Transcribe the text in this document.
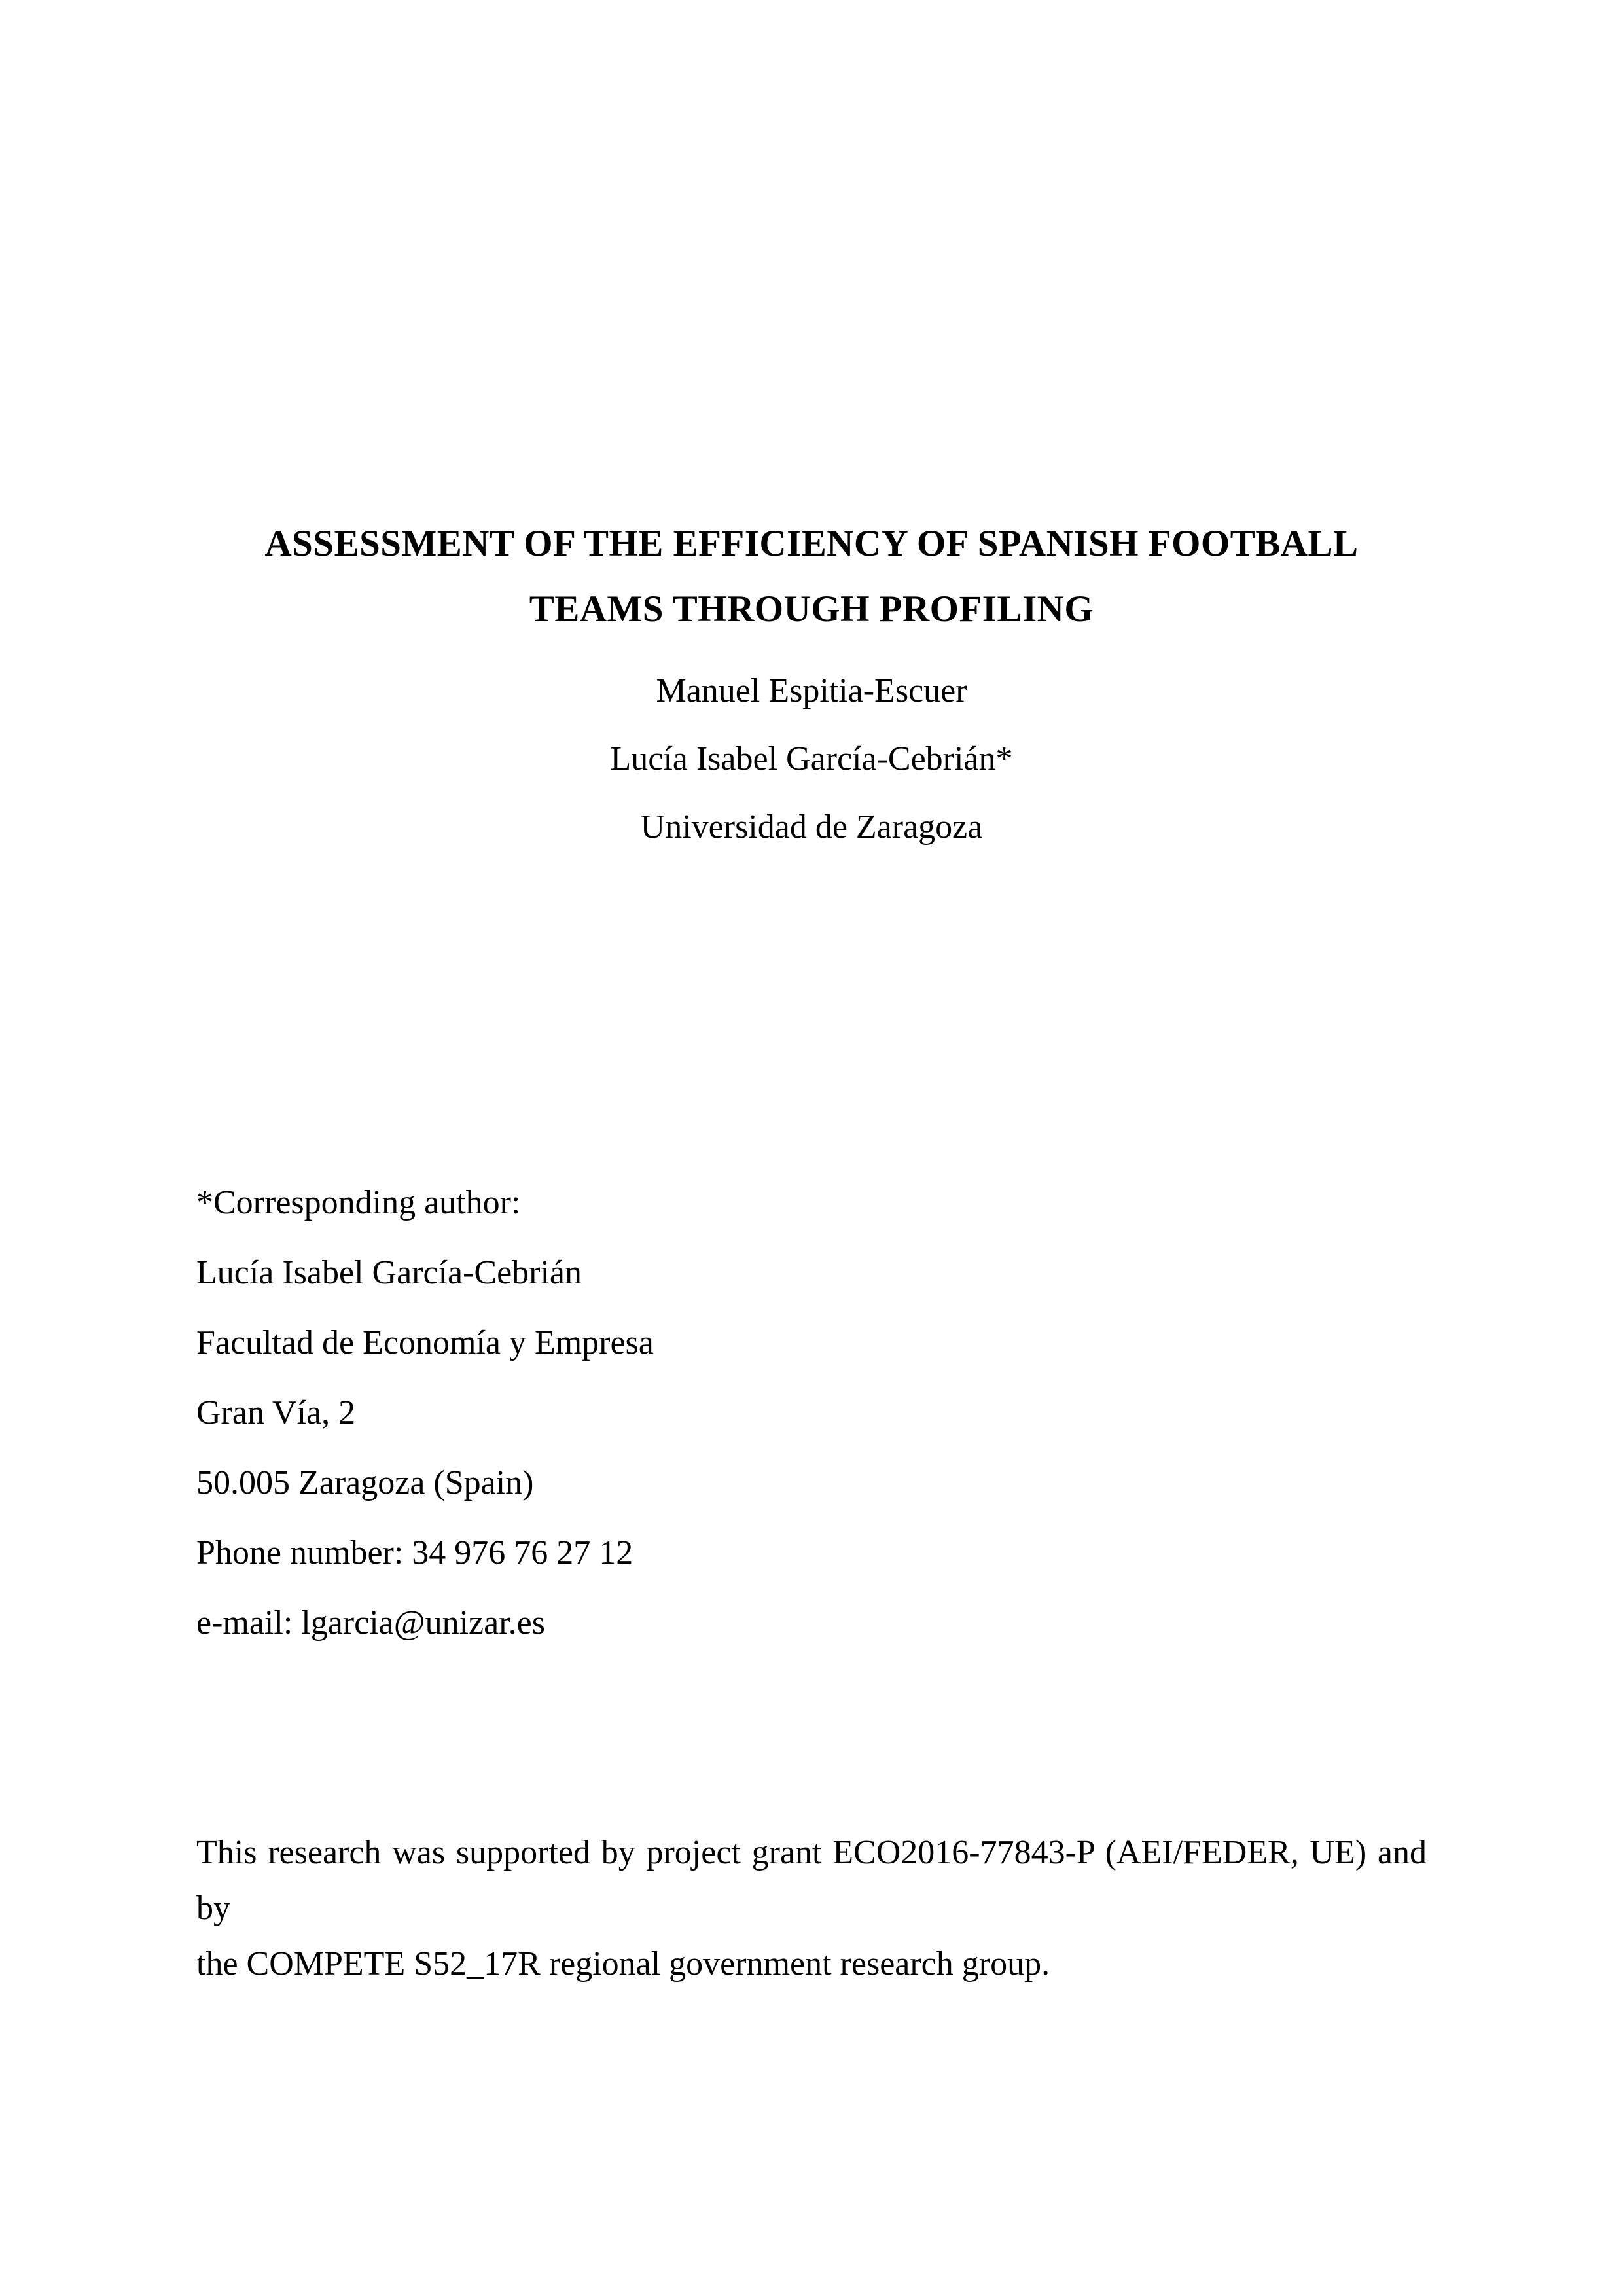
ASSESSMENT OF THE EFFICIENCY OF SPANISH FOOTBALL
TEAMS THROUGH PROFILING
Manuel Espitia-Escuer
Lucía Isabel García-Cebrián*
Universidad de Zaragoza
*Corresponding author:
Lucía Isabel García-Cebrián
Facultad de Economía y Empresa
Gran Vía, 2
50.005 Zaragoza (Spain)
Phone number: 34 976 76 27 12
e-mail: lgarcia@unizar.es
This research was supported by project grant ECO2016-77843-P (AEI/FEDER, UE) and by
the COMPETE S52_17R regional government research group.
